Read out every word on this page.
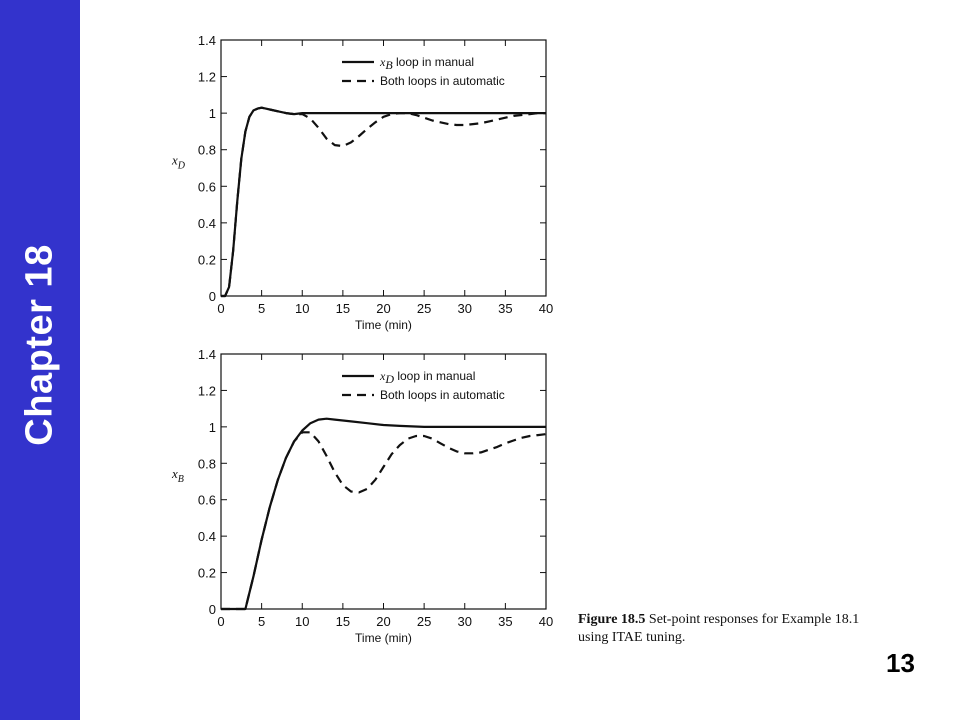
Chapter 18	0	5 10 15 20 25 30 35 40
0
0.2
0.4
0.6
0.8
1
1.2
1.4
Time (min)
$x_D$
xB loop in manual
Both loops in automatic
0	5 10 15 20 25 30 35 40
0
0.2
0.4
0.6
0.8
1
1.2
1.4
Time (min)
$x_B$
xD loop in manual
Both loops in automatic
Figure 18.5 Set-point responses for Example 18.1 using ITAE tuning.
13
